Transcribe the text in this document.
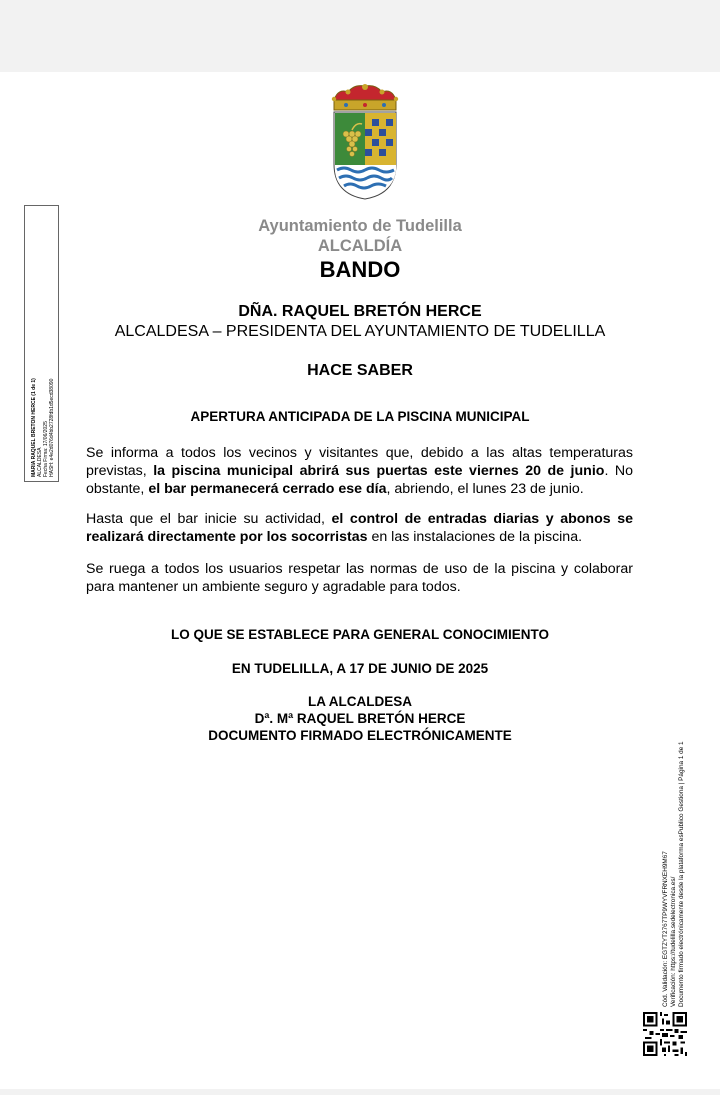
Ayuntamiento de Tudelilla
ALCALDÍA
BANDO
DÑA. RAQUEL BRETÓN HERCE
ALCALDESA – PRESIDENTA DEL AYUNTAMIENTO DE TUDELILLA
HACE SABER
APERTURA ANTICIPADA DE LA PISCINA MUNICIPAL

Se informa a todos los vecinos y visitantes que, debido a las altas temperaturas previstas, la piscina municipal abrirá sus puertas este viernes 20 de junio. No obstante, el bar permanecerá cerrado ese día, abriendo, el lunes 23 de junio.

Hasta que el bar inicie su actividad, el control de entradas diarias y abonos se realizará directamente por los socorristas en las instalaciones de la piscina.

Se ruega a todos los usuarios respetar las normas de uso de la piscina y colaborar para mantener un ambiente seguro y agradable para todos.

LO QUE SE ESTABLECE PARA GENERAL CONOCIMIENTO
EN TUDELILLA, A 17 DE JUNIO DE 2025
LA ALCALDESA
Dª. Mª RAQUEL BRETÓN HERCE
DOCUMENTO FIRMADO ELECTRÓNICAMENTE
MARIA RAQUEL BRETON HERCE (1 de 1) ALCALDESA Fecha Firma: 17/06/2025 HASH: e4e2d076d4bb2728fdb1d5ecd38090
Cód. Validación: EGTZYT2767TP9WYVFRNXEH9M67 Verificación: https://tudelilla.sedelectronica.es/ Documento firmado electrónicamente desde la plataforma esPublico Gestiona | Página 1 de 1
